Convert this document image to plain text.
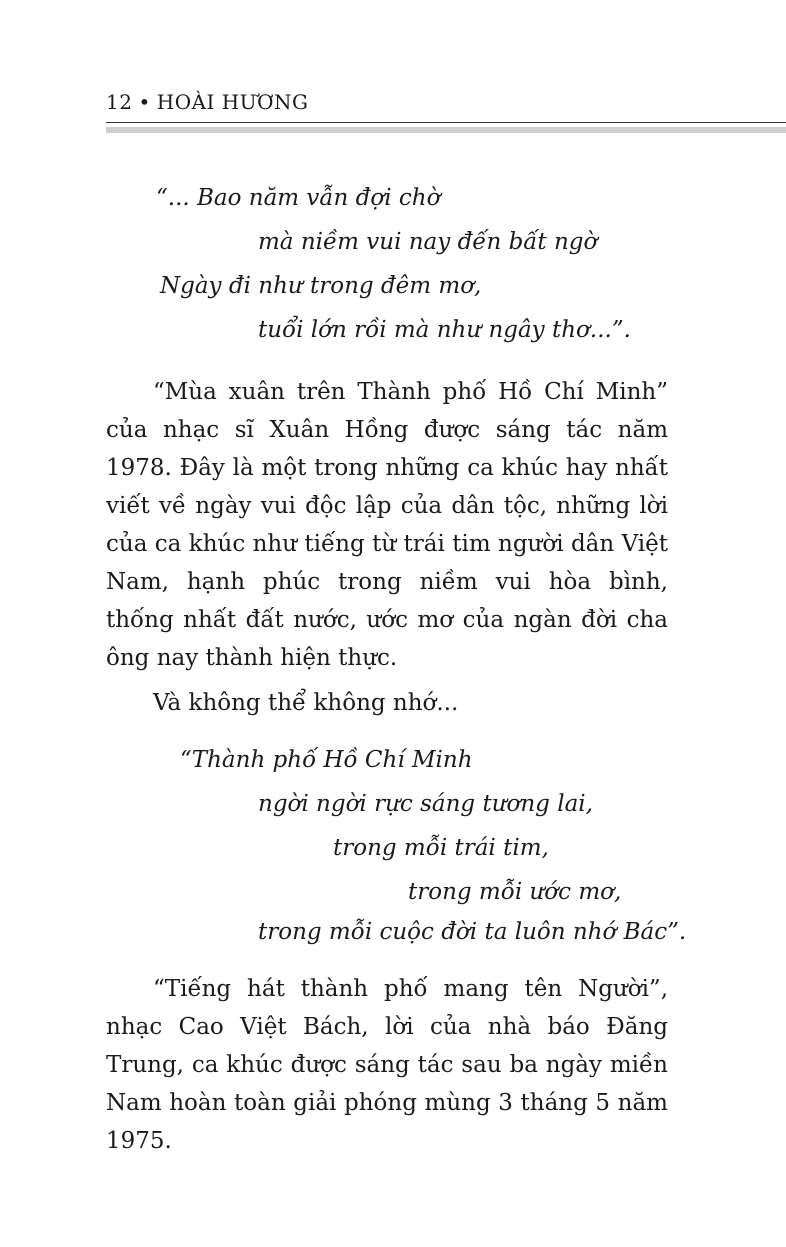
12 • HOÀI HƯƠNG
“... Bao năm vẫn đợi chờ
mà niềm vui nay đến bất ngờ
Ngày đi như trong đêm mơ,
tuổi lớn rồi mà như ngây thơ...”.

“Mùa xuân trên Thành phố Hồ Chí Minh” của nhạc sĩ Xuân Hồng được sáng tác năm 1978. Đây là một trong những ca khúc hay nhất viết về ngày vui độc lập của dân tộc, những lời của ca khúc như tiếng từ trái tim người dân Việt Nam, hạnh phúc trong niềm vui hòa bình, thống nhất đất nước, ước mơ của ngàn đời cha ông nay thành hiện thực.

Và không thể không nhớ...
“Thành phố Hồ Chí Minh
ngời ngời rực sáng tương lai,
trong mỗi trái tim,
trong mỗi ước mơ,
trong mỗi cuộc đời ta luôn nhớ Bác”.

“Tiếng hát thành phố mang tên Người”, nhạc Cao Việt Bách, lời của nhà báo Đăng Trung, ca khúc được sáng tác sau ba ngày miền Nam hoàn toàn giải phóng mùng 3 tháng 5 năm 1975.
